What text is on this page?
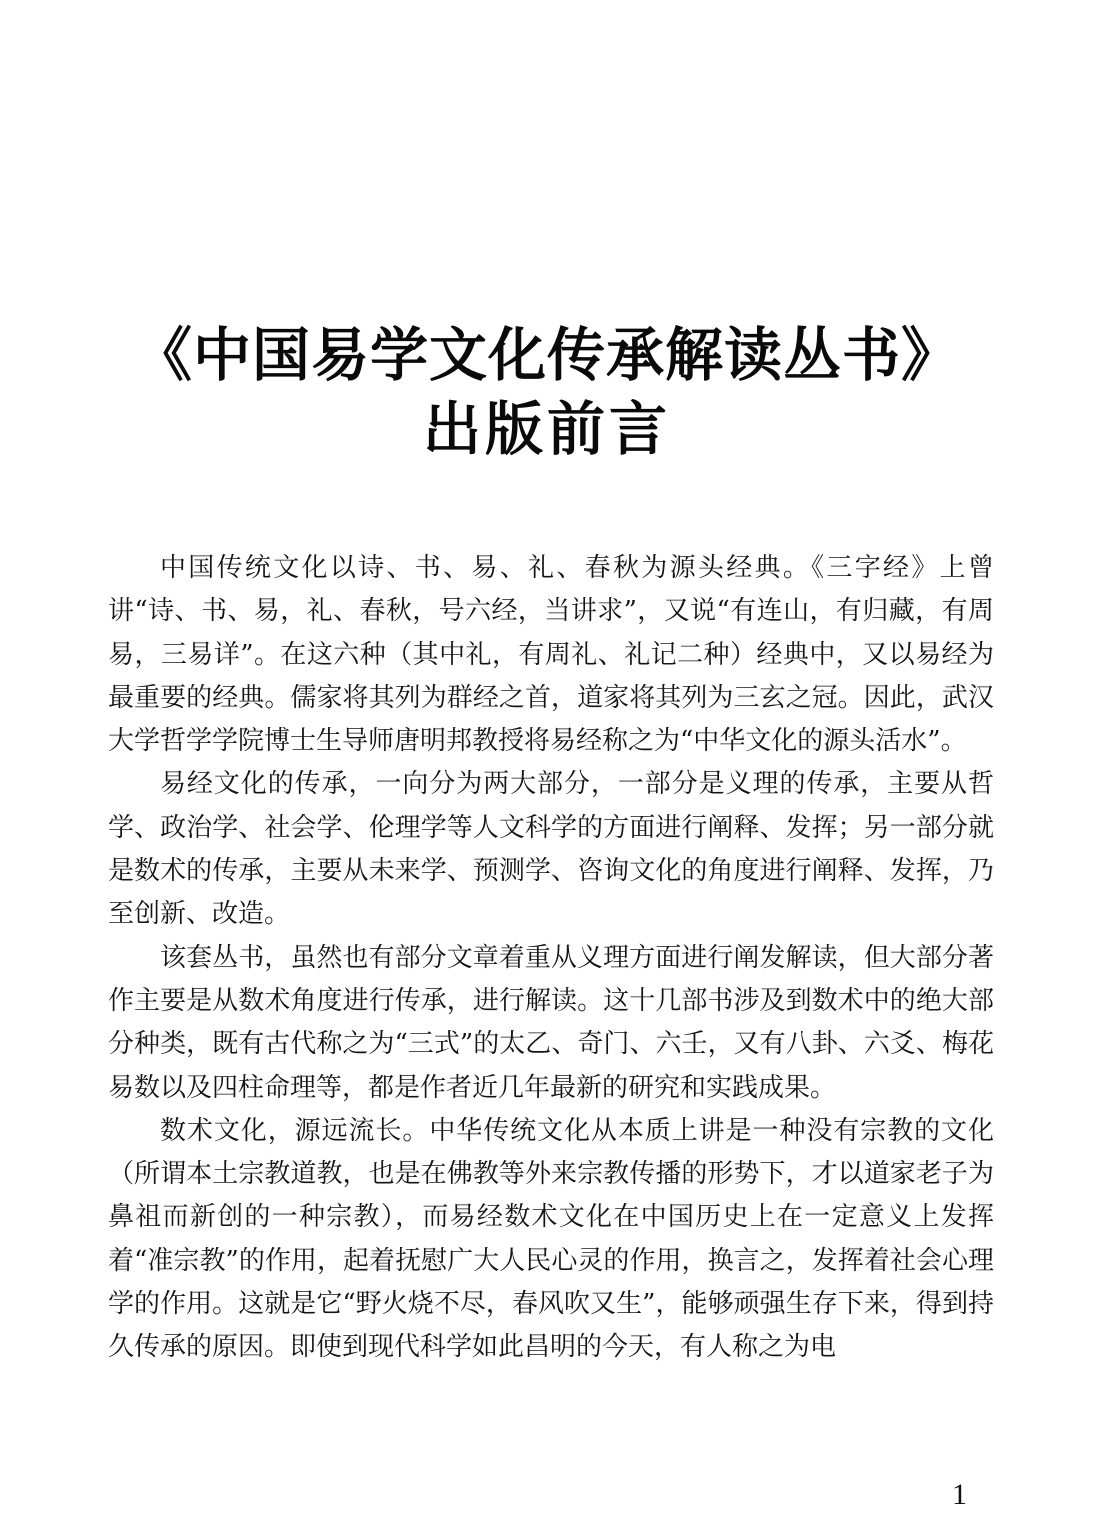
《中国易学文化传承解读丛书》
出版前言

中国传统文化以诗、书、易、礼、春秋为源头经典。《三字经》上曾讲“诗、书、易，礼、春秋，号六经，当讲求”，又说“有连山，有归藏，有周易，三易详”。在这六种（其中礼，有周礼、礼记二种）经典中，又以易经为最重要的经典。儒家将其列为群经之首，道家将其列为三玄之冠。因此，武汉大学哲学学院博士生导师唐明邦教授将易经称之为“中华文化的源头活水”。

易经文化的传承，一向分为两大部分，一部分是义理的传承，主要从哲学、政治学、社会学、伦理学等人文科学的方面进行阐释、发挥；另一部分就是数术的传承，主要从未来学、预测学、咨询文化的角度进行阐释、发挥，乃至创新、改造。

该套丛书，虽然也有部分文章着重从义理方面进行阐发解读，但大部分著作主要是从数术角度进行传承，进行解读。这十几部书涉及到数术中的绝大部分种类，既有古代称之为“三式”的太乙、奇门、六壬，又有八卦、六爻、梅花易数以及四柱命理等，都是作者近几年最新的研究和实践成果。

数术文化，源远流长。中华传统文化从本质上讲是一种没有宗教的文化（所谓本土宗教道教，也是在佛教等外来宗教传播的形势下，才以道家老子为鼻祖而新创的一种宗教），而易经数术文化在中国历史上在一定意义上发挥着“准宗教”的作用，起着抚慰广大人民心灵的作用，换言之，发挥着社会心理学的作用。这就是它“野火烧不尽，春风吹又生”，能够顽强生存下来，得到持久传承的原因。即使到现代科学如此昌明的今天，有人称之为电

1
